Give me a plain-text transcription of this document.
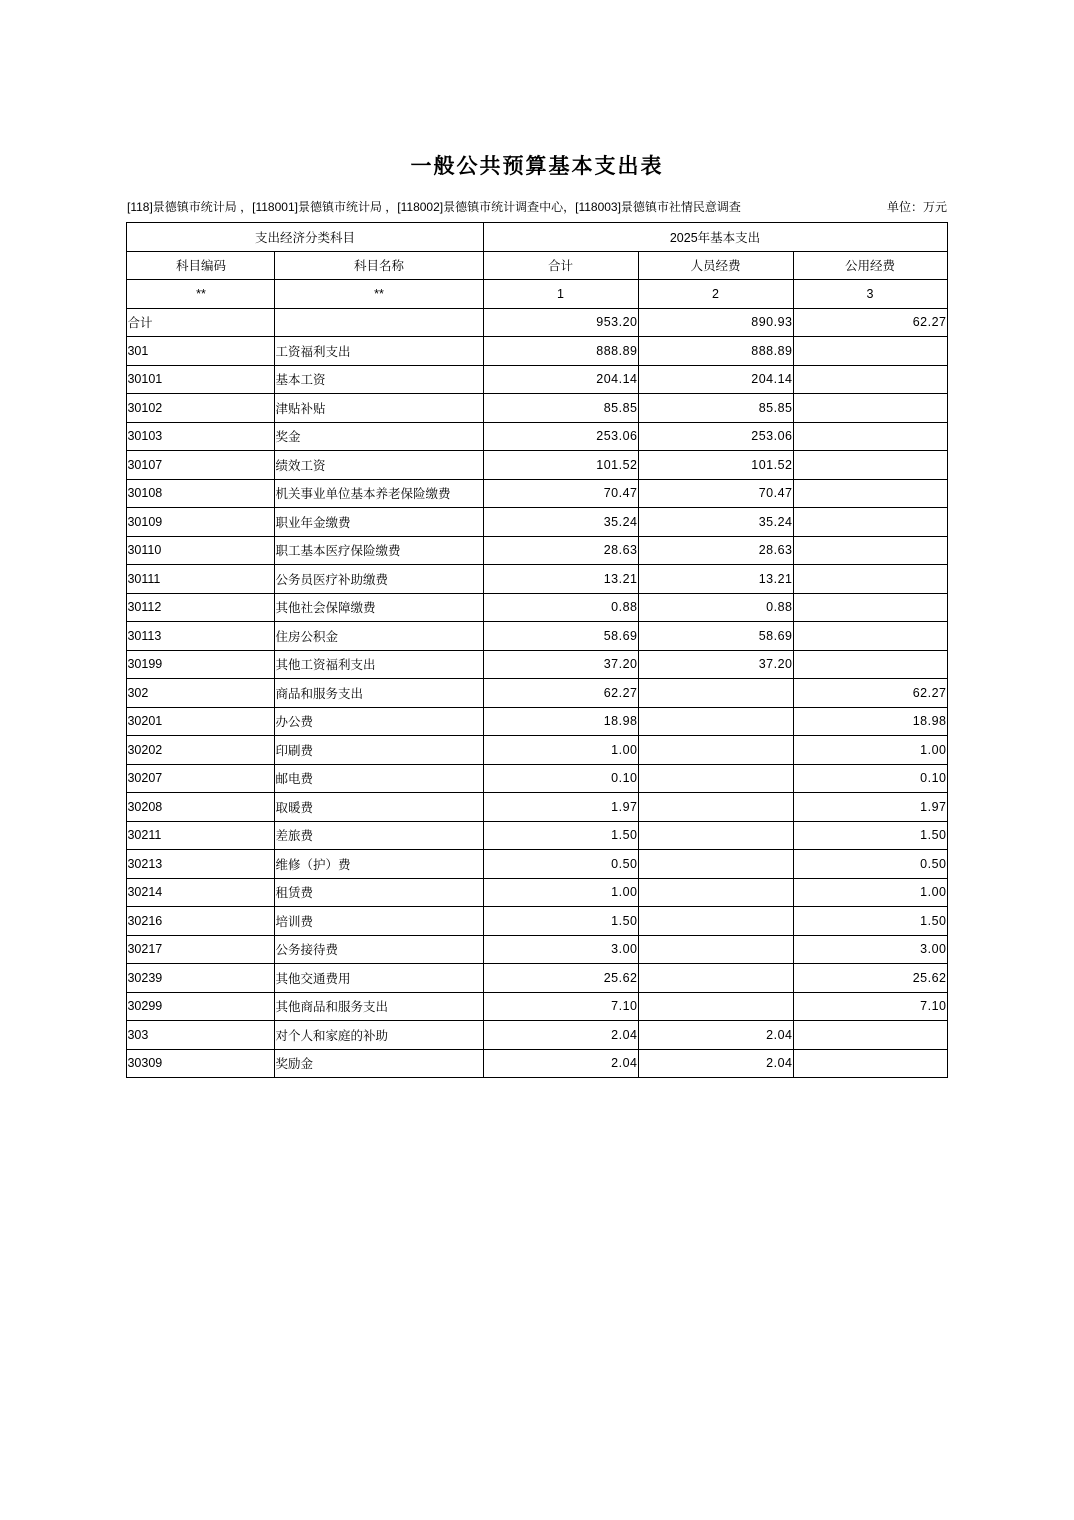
一般公共预算基本支出表
[118]景德镇市统计局 ，[118001]景德镇市统计局 ，[118002]景德镇市统计调查中心，[118003]景德镇市社情民意调查	单位：万元
支出经济分类科目		2025年基本支出		
科目编码	科目名称	合计	人员经费	公用经费
**	**	1	2	3
合计		953.20	890.93	62.27
301	工资福利支出	888.89	888.89	
30101	基本工资	204.14	204.14	
30102	津贴补贴	85.85	85.85	
30103	奖金	253.06	253.06	
30107	绩效工资	101.52	101.52	
30108	机关事业单位基本养老保险缴费	70.47	70.47	
30109	职业年金缴费	35.24	35.24	
30110	职工基本医疗保险缴费	28.63	28.63	
30111	公务员医疗补助缴费	13.21	13.21	
30112	其他社会保障缴费	0.88	0.88	
30113	住房公积金	58.69	58.69	
30199	其他工资福利支出	37.20	37.20	
302	商品和服务支出	62.27		62.27
30201	办公费	18.98		18.98
30202	印刷费	1.00		1.00
30207	邮电费	0.10		0.10
30208	取暖费	1.97		1.97
30211	差旅费	1.50		1.50
30213	维修（护）费	0.50		0.50
30214	租赁费	1.00		1.00
30216	培训费	1.50		1.50
30217	公务接待费	3.00		3.00
30239	其他交通费用	25.62		25.62
30299	其他商品和服务支出	7.10		7.10
303	对个人和家庭的补助	2.04	2.04	
30309	奖励金	2.04	2.04	
